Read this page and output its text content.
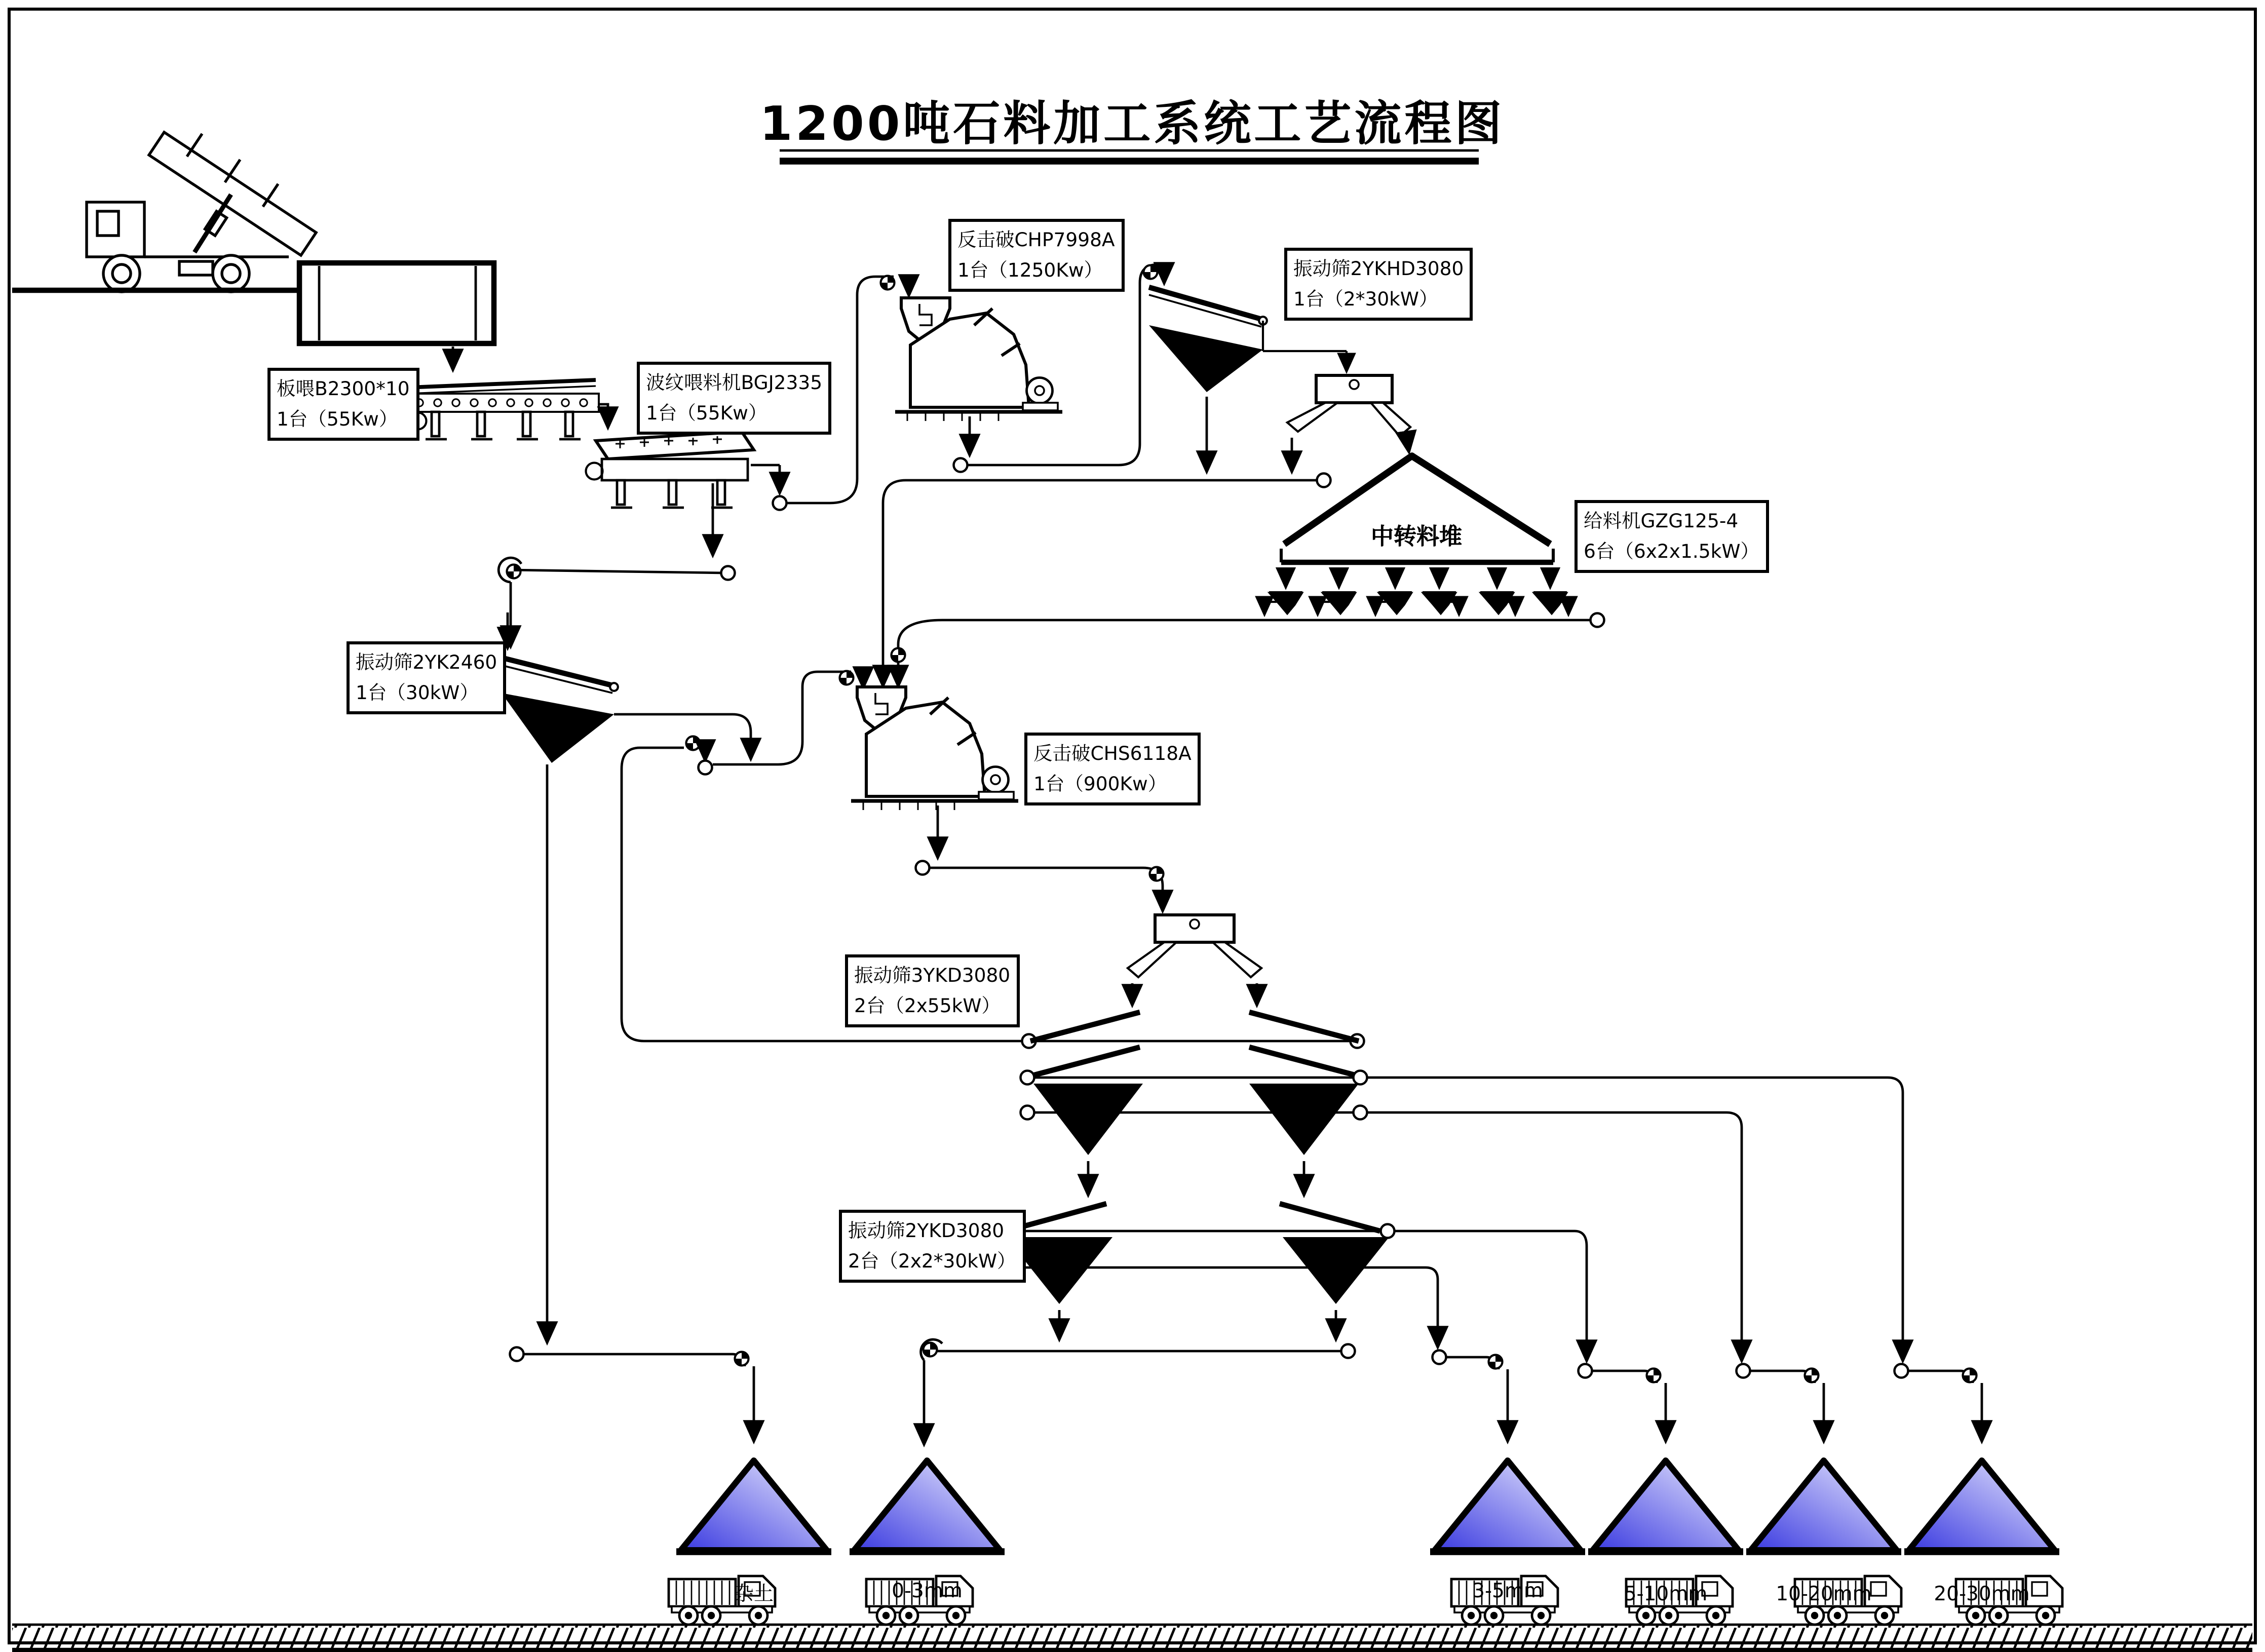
1200吨石料加工系统工艺流程图
板喂B2300*10
1台（55Kw）
波纹喂料机BGJ2335
1台（55Kw）
反击破CHP7998A
1台（1250Kw）	振动筛2YKHD3080
1台（2*30kW）
给料机GZG125-4
6台（6x2x1.5kW）
振动筛2YK2460
1台（30kW）
反击破CHS6118A
1台（900Kw）
振动筛3YKD3080
2台（2x55kW）
振动筛2YKD3080
2台（2x2*30kW）
中转料堆
杂土	0-3mm	3-5mm	5-10mm	10-20mm	20-30mm
